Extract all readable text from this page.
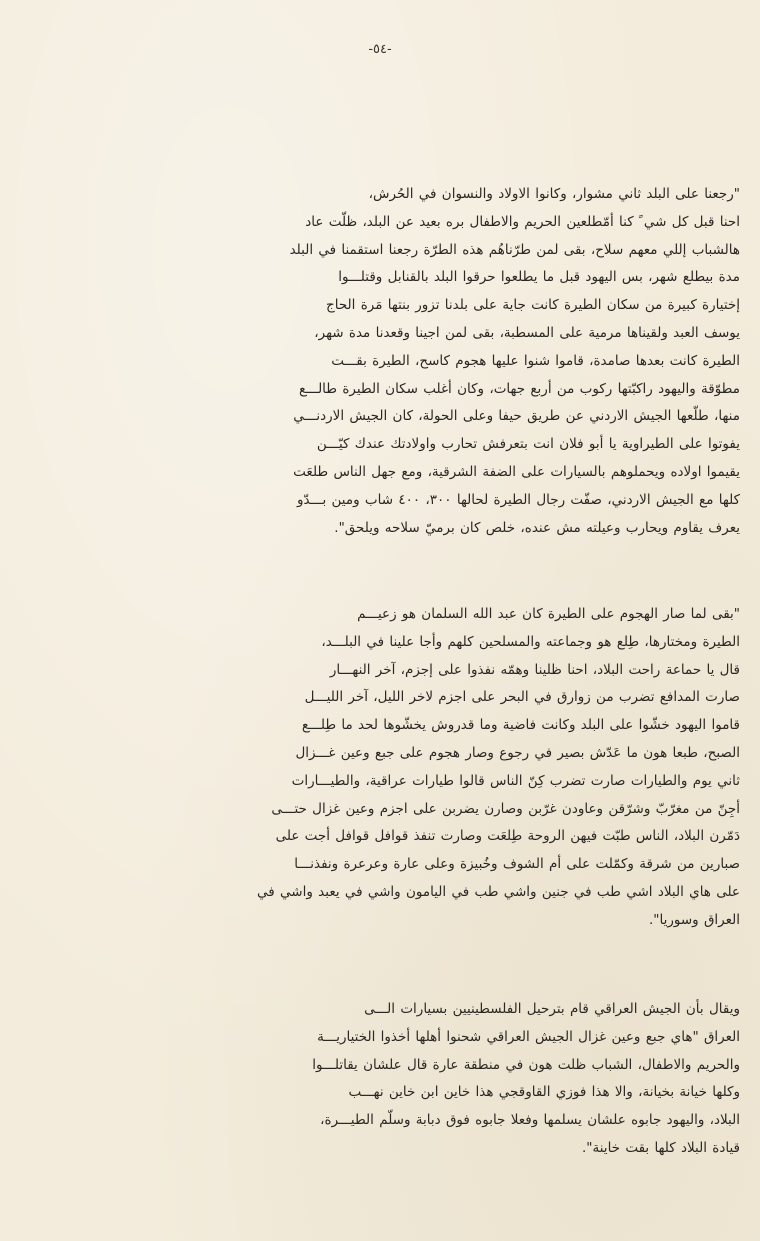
-٥٤-
"رجعنا على البلد ثاني مشوار، وكانوا الاولاد والنسوان في الحُرش،
احنا قبل كل شي ً كنا أمّطلعين الحريم والاطفال بره بعيد عن البلد، ظلّت عاد
هالشباب إللي معهم سلاح، بقى لمن طرّناهُم هذه الطرّة رجعنا استقمنا في البلد
مدة بيطلع شهر، بس اليهود قبل ما يطلعوا حرقوا البلد بالقنابل وقتلـــوا
إختيارة كبيرة من سكان الطيرة كانت جاية على بلدنا تزور بنتها مَرة الحاج
يوسف العبد ولقيناها مرمية على المسطبة، بقى لمن اجينا وقعدنا مدة شهر،
الطيرة كانت بعدها صامدة، قاموا شنوا عليها هجوم كاسح، الطيرة بقـــت
مطوّقة واليهود راكبّتها ركوب من أربع جهات، وكان أغلب سكان الطيرة طالـــع
منها، طلّعها الجيش الاردني عن طريق حيفا وعلى الحولة، كان الجيش الاردنـــي
يفوتوا على الطيراوية يا أبو فلان انت بتعرفش تحارب واولادتك عندك كيّـــن
يقيموا اولاده ويحملوهم بالسيارات على الضفة الشرقية، ومع جهل الناس طلعَت
كلها مع الجيش الاردني، صفّت رجال الطيرة لحالها ٣٠٠، ٤٠٠ شاب ومين بـــدّو
يعرف يقاوم ويحارب وعيلته مش عنده، خلص كان برميّ سلاحه ويلحق".
"بقى لما صار الهجوم على الطيرة كان عبد الله السلمان هو زعيـــم
الطيرة ومختارها، طِلع هو وجماعته والمسلحين كلهم وأجا علينا في البلـــد،
قال يا حماعة راحت البلاد، احنا ظلينا وهمّه نفذوا على إجزم، آخر النهـــار
صارت المدافع تضرب من زوارق في البحر على اجزم لاخر الليل، آخر الليـــل
قاموا اليهود خشّوا على البلد وكانت فاضية وما قدروش يخشّوها لحد ما طِلـــع
الصبح، طبعا هون ما عَدّش بصير في رجوع وصار هجوم على جبع وعين غـــزال
ثاني يوم والطيارات صارت تضرب كِنّ الناس قالوا طيارات عراقية، والطيـــارات
أجِنّ من مغرّبّ وشرّقن وعاودن غرّبن وصارن يضربن على اجزم وعين غزال حتـــى
دَمّرن البلاد، الناس طبّت فيهن الروحة طِلعَت وصارت تنفذ قوافل قوافل أجت على
صبارين من شرقة وكمّلت على أم الشوف وخُبيزة وعلى عارة وعرعرة ونفذنـــا
على هاي البلاد اشي طب في جنين واشي طب في اليامون واشي في يعبد واشي في
العراق وسوريا".
ويقال بأن الجيش العراقي قام بترحيل الفلسطينيين بسيارات الـــى
العراق "هاي جبع وعين غزال الجيش العراقي شحنوا أهلها أخذوا الختياريـــة
والحريم والاطفال، الشباب ظلت هون في منطقة عارة قال علشان يقاتلـــوا
وكلها خيانة بخيانة، والا هذا فوزي القاوقجي هذا خاين ابن خاين نهـــب
البلاد، واليهود جابوه علشان يسلمها وفعلا جابوه فوق دبابة وسلّم الطيـــرة،
قيادة البلاد كلها بقت خاينة".
